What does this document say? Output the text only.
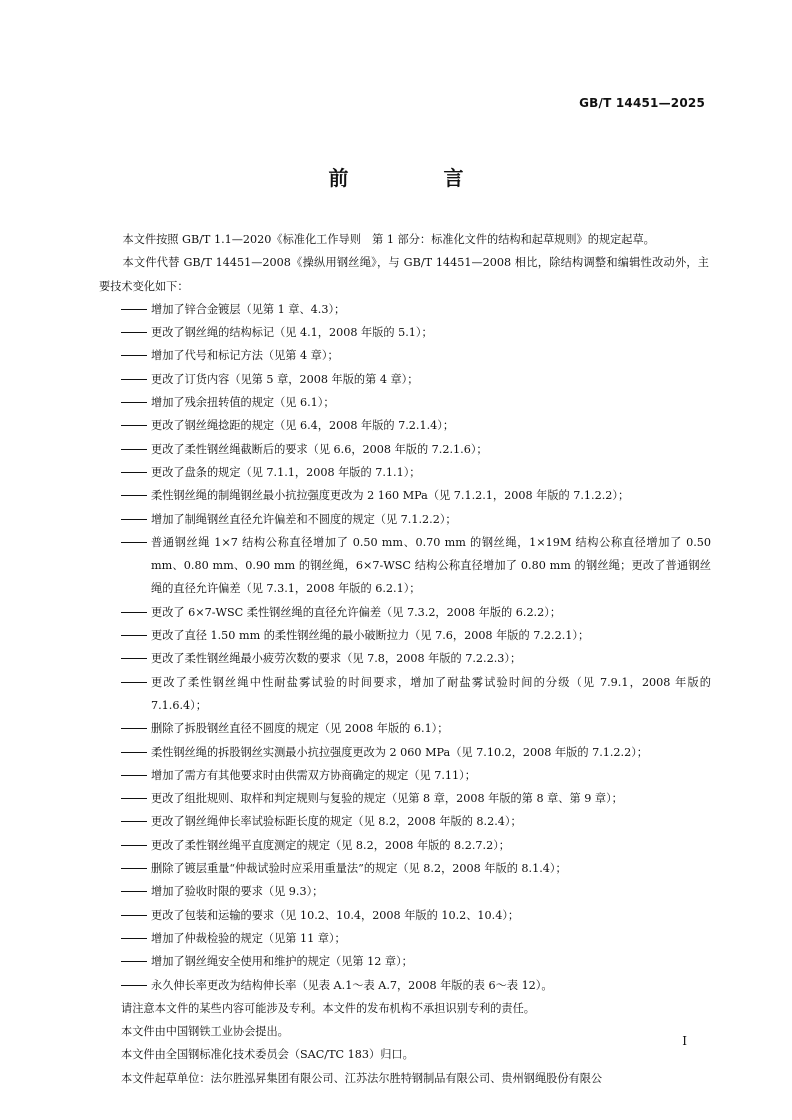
GB/T 14451—2025
前 言

本文件按照 GB/T 1.1—2020《标准化工作导则　第 1 部分：标准化文件的结构和起草规则》的规定起草。

本文件代替 GB/T 14451—2008《操纵用钢丝绳》，与 GB/T 14451—2008 相比，除结构调整和编辑性改动外，主要技术变化如下：

增加了锌合金镀层（见第 1 章、4.3）；

更改了钢丝绳的结构标记（见 4.1，2008 年版的 5.1）；

增加了代号和标记方法（见第 4 章）；

更改了订货内容（见第 5 章，2008 年版的第 4 章）；

增加了残余扭转值的规定（见 6.1）；

更改了钢丝绳捻距的规定（见 6.4，2008 年版的 7.2.1.4）；

更改了柔性钢丝绳截断后的要求（见 6.6，2008 年版的 7.2.1.6）；

更改了盘条的规定（见 7.1.1，2008 年版的 7.1.1）；

柔性钢丝绳的制绳钢丝最小抗拉强度更改为 2 160 MPa（见 7.1.2.1，2008 年版的 7.1.2.2）；

增加了制绳钢丝直径允许偏差和不圆度的规定（见 7.1.2.2）；

普通钢丝绳 1×7 结构公称直径增加了 0.50 mm、0.70 mm 的钢丝绳，1×19M 结构公称直径增加了 0.50 mm、0.80 mm、0.90 mm 的钢丝绳，6×7-WSC 结构公称直径增加了 0.80 mm 的钢丝绳；更改了普通钢丝绳的直径允许偏差（见 7.3.1，2008 年版的 6.2.1）；

更改了 6×7-WSC 柔性钢丝绳的直径允许偏差（见 7.3.2，2008 年版的 6.2.2）；

更改了直径 1.50 mm 的柔性钢丝绳的最小破断拉力（见 7.6，2008 年版的 7.2.2.1）；

更改了柔性钢丝绳最小疲劳次数的要求（见 7.8，2008 年版的 7.2.2.3）；

更改了柔性钢丝绳中性耐盐雾试验的时间要求，增加了耐盐雾试验时间的分级（见 7.9.1，2008 年版的 7.1.6.4）；

删除了拆股钢丝直径不圆度的规定（见 2008 年版的 6.1）；

柔性钢丝绳的拆股钢丝实测最小抗拉强度更改为 2 060 MPa（见 7.10.2，2008 年版的 7.1.2.2）；

增加了需方有其他要求时由供需双方协商确定的规定（见 7.11）；

更改了组批规则、取样和判定规则与复验的规定（见第 8 章，2008 年版的第 8 章、第 9 章）；

更改了钢丝绳伸长率试验标距长度的规定（见 8.2，2008 年版的 8.2.4）；

更改了柔性钢丝绳平直度测定的规定（见 8.2，2008 年版的 8.2.7.2）；

删除了镀层重量“仲裁试验时应采用重量法”的规定（见 8.2，2008 年版的 8.1.4）；

增加了验收时限的要求（见 9.3）；

更改了包装和运输的要求（见 10.2、10.4，2008 年版的 10.2、10.4）；

增加了仲裁检验的规定（见第 11 章）；

增加了钢丝绳安全使用和维护的规定（见第 12 章）；

永久伸长率更改为结构伸长率（见表 A.1～表 A.7，2008 年版的表 6～表 12）。

请注意本文件的某些内容可能涉及专利。本文件的发布机构不承担识别专利的责任。

本文件由中国钢铁工业协会提出。

本文件由全国钢标准化技术委员会（SAC/TC 183）归口。

本文件起草单位：法尔胜泓昇集团有限公司、江苏法尔胜特钢制品有限公司、贵州钢绳股份有限公

I
